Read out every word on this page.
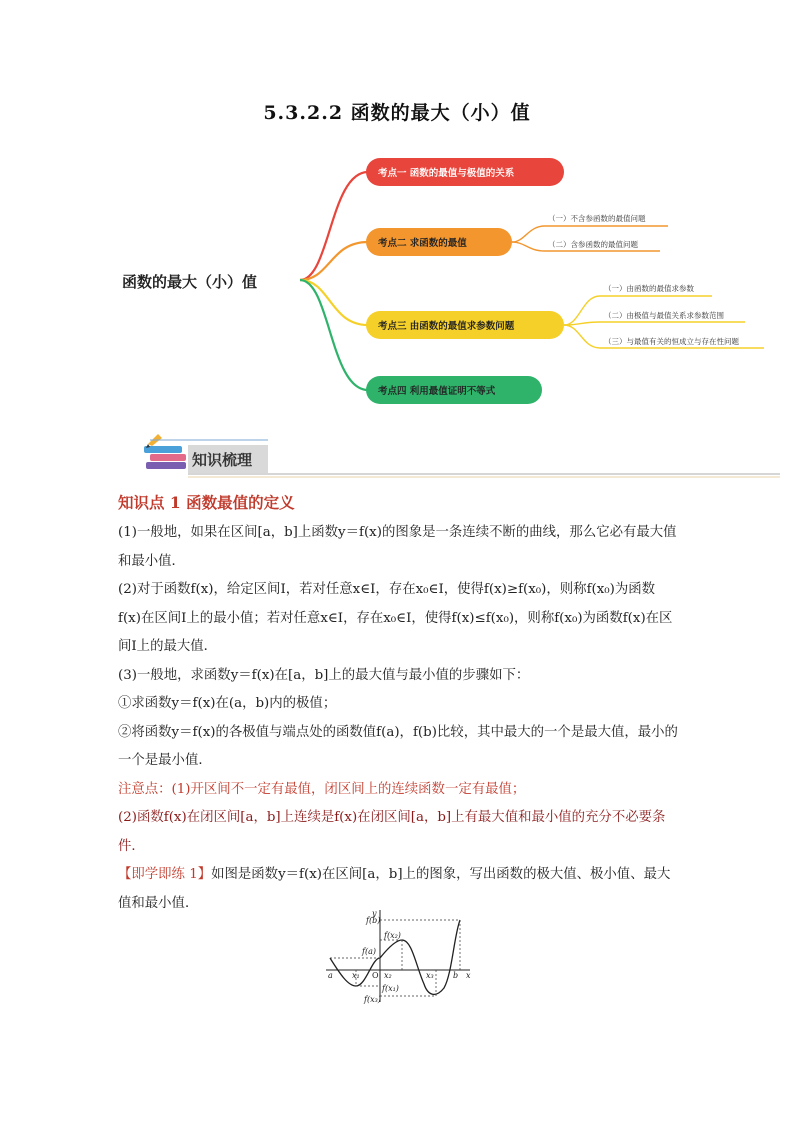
5.3.2.2 函数的最大（小）值
函数的最大（小）值
考点一 函数的最值与极值的关系
考点二 求函数的最值
考点三 由函数的最值求参数问题
考点四 利用最值证明不等式
（一）不含参函数的最值问题
（二）含参函数的最值问题
（一）由函数的最值求参数
（二）由极值与最值关系求参数范围
（三）与最值有关的恒成立与存在性问题
知识梳理

知识点 1 函数最值的定义

(1)一般地，如果在区间[a，b]上函数y＝f(x)的图象是一条连续不断的曲线，那么它必有最大值和最小值．

(2)对于函数f(x)，给定区间I，若对任意x∈I，存在x₀∈I，使得f(x)≥f(x₀)，则称f(x₀)为函数f(x)在区间I上的最小值；若对任意x∈I，存在x₀∈I，使得f(x)≤f(x₀)，则称f(x₀)为函数f(x)在区间I上的最大值．

(3)一般地，求函数y＝f(x)在[a，b]上的最大值与最小值的步骤如下：

①求函数y＝f(x)在(a，b)内的极值；

②将函数y＝f(x)的各极值与端点处的函数值f(a)，f(b)比较，其中最大的一个是最大值，最小的一个是最小值．

注意点：(1)开区间不一定有最值，闭区间上的连续函数一定有最值；

(2)函数f(x)在闭区间[a，b]上连续是f(x)在闭区间[a，b]上有最大值和最小值的充分不必要条件．

【即学即练 1】如图是函数y＝f(x)在区间[a，b]上的图象，写出函数的极大值、极小值、最大值和最小值．

y
x
O
f(b)
f(a)
f(x₂)
f(x₁)
f(x₃)
a	b
x₁	x₂	x₃
